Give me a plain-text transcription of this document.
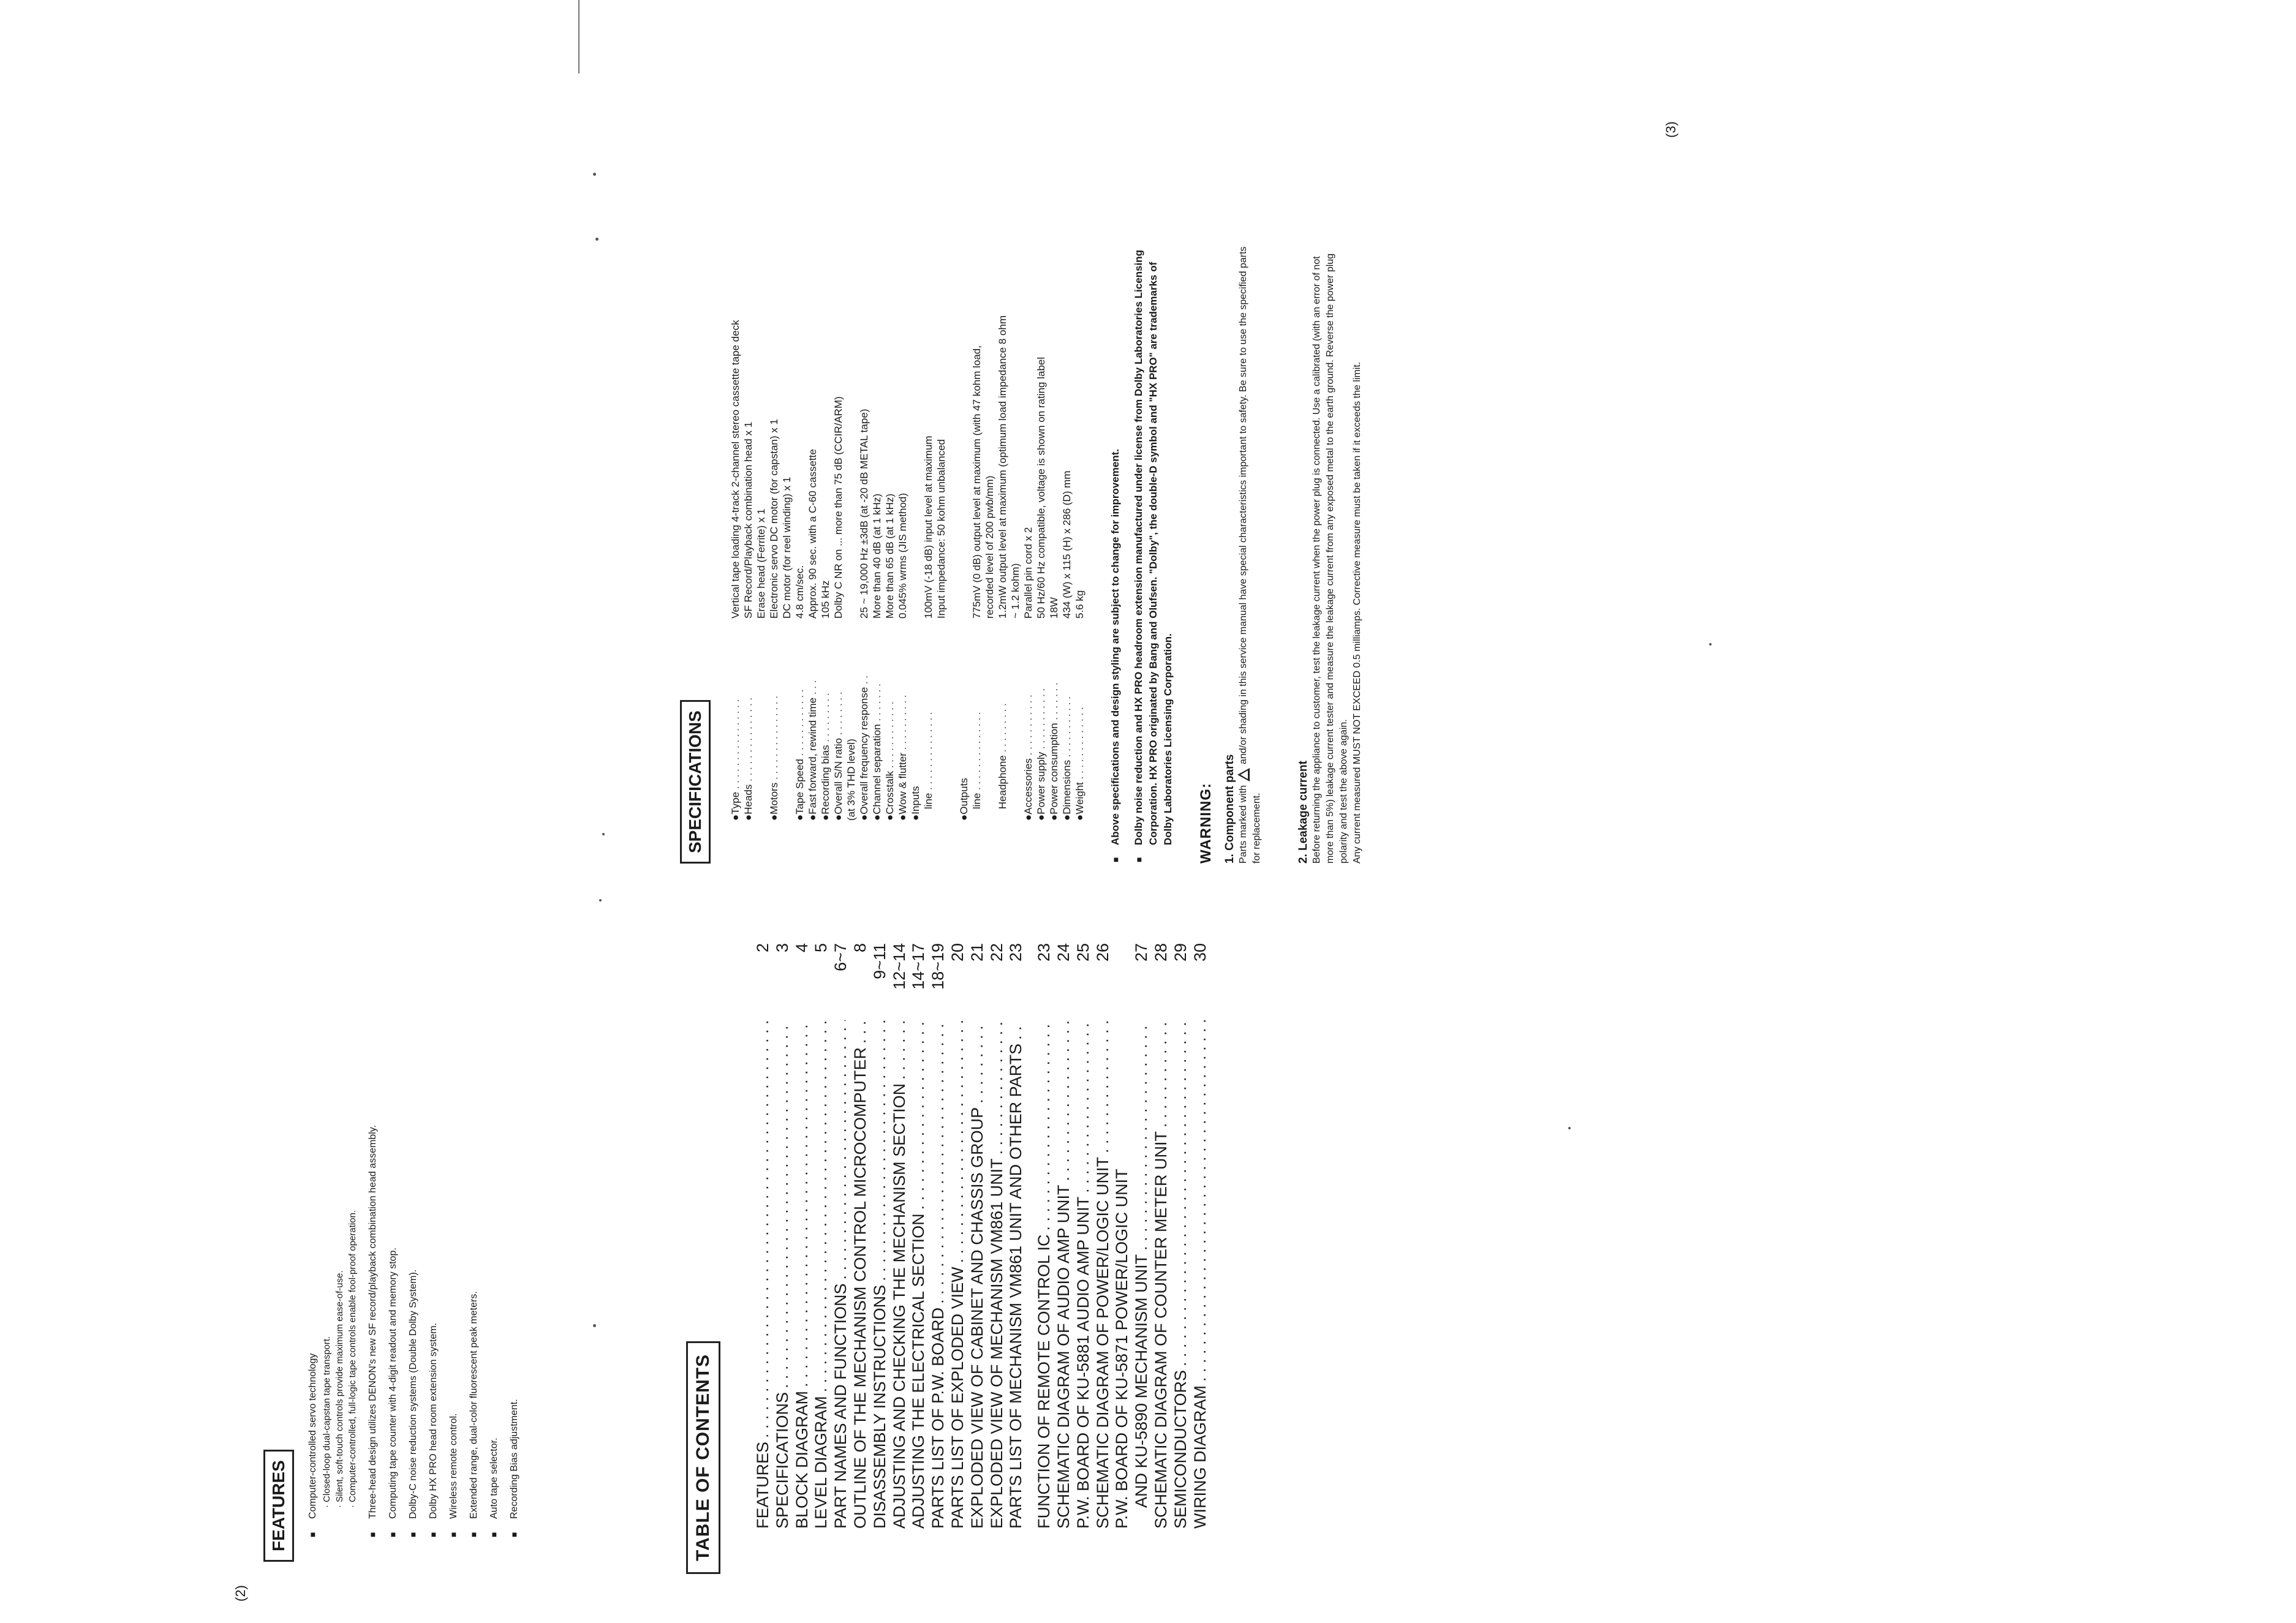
(2)
(3)
TABLE OF CONTENTS FEATURES
. . .
2
SPECIFICATIONS
. . .
3
BLOCK DIAGRAM
. . .
4
LEVEL DIAGRAM
. . .
5
PART NAMES AND FUNCTIONS
. . .
6~7
OUTLINE OF THE MECHANISM CONTROL MICROCOMPUTER
. . .
8
DISASSEMBLY INSTRUCTIONS
. . .
9~11
ADJUSTING AND CHECKING THE MECHANISM SECTION
. . .
12~14
ADJUSTING THE ELECTRICAL SECTION
. . .
14~17
PARTS LIST OF P.W. BOARD
. . .
18~19
PARTS LIST OF EXPLODED VIEW
. . .
20
EXPLODED VIEW OF CABINET AND CHASSIS GROUP
. . .
21
EXPLODED VIEW OF MECHANISM VM861 UNIT
. . .
22
PARTS LIST OF MECHANISM VM861 UNIT AND OTHER PARTS
. . .
23
FUNCTION OF REMOTE CONTROL IC
. . .
23
SCHEMATIC DIAGRAM OF AUDIO AMP UNIT
. . .
24
P.W. BOARD OF KU-5881 AUDIO AMP UNIT
. . .
25
SCHEMATIC DIAGRAM OF POWER/LOGIC UNIT
. . .
26
P.W. BOARD OF KU-5871 POWER/LOGIC UNIT AND KU-5890 MECHANISM UNIT
. . .
27
SCHEMATIC DIAGRAM OF COUNTER METER UNIT
. . .
28
SEMICONDUCTORS
. . .
29
WIRING DIAGRAM
. . .
30
FEATURES ■ Computer-controlled servo technology · Closed-loop dual-capstan tape transport. · Silent, soft-touch controls provide maximum ease-of-use. · Computer-controlled, full-logic tape controls enable fool-proof operation. ■ Three-head design utilizes DENON's new SF record/playback combination head assembly. ■ Computing tape counter with 4-digit readout and memory stop. ■ Dolby-C noise reduction systems (Double Dolby System). ■ Dolby HX PRO head room extension system. ■ Wireless remote control. ■ Extended range, dual-color fluorescent peak meters. ■ Auto tape selector. ■ Recording Bias adjustment.
SPECIFICATIONS ●Type . . . . . . . . . . . . . . . .	Vertical tape loading 4-track 2-channel stereo cassette tape deck
●Heads . . . . . . . . . . . . . . .	SF Record/Playback combination head x 1
	Erase head (Ferrite) x 1
●Motors . . . . . . . . . . . . . . .	Electronic servo DC motor (for capstan) x 1
	DC motor (for reel winding) x 1
●Tape Speed . . . . . . . . . . . .	4.8 cm/sec.
●Fast forward, rewind time . . .	Approx. 90 sec. with a C-60 cassette
●Recording bias . . . . . . . . .	105 kHz
●Overall S/N ratio . . . . . . . .	Dolby C NR on ... more than 75 dB (CCIR/ARM)
(at 3% THD level)	
●Overall frequency response . .	25 ~ 19,000 Hz ±3dB (at -20 dB METAL tape)
●Channel separation . . . . . . .	More than 40 dB (at 1 kHz)
●Crosstalk . . . . . . . . . . . .	More than 65 dB (at 1 kHz)
●Wow & flutter . . . . . . . . . .	0.045% wrms (JIS method)
●Inputs	
line . . . . . . . . . . . . . .	100mV (-18 dB) input level at maximum
	Input impedance: 50 kohm unbalanced
●Outputs	
line . . . . . . . . . . . . . .	775mV (0 dB) output level at maximum (with 47 kohm load,
	recorded level of 200 pwb/mm)
Headphone . . . . . . . . .	1.2mW output level at maximum (optimum load impedance 8 ohm
	~ 1.2 kohm)
●Accessories . . . . . . . . . . .	Parallel pin cord x 2
●Power supply . . . . . . . . . . .	50 Hz/60 Hz compatible, voltage is shown on rating label
●Power consumption . . . . . . .	18W
●Dimensions . . . . . . . . . . .	434 (W) x 115 (H) x 286 (D) mm
●Weight . . . . . . . . . . . . .	5.6 kg ■ Above specifications and design styling are subject to change for improvement. ■ Dolby noise reduction and HX PRO headroom extension manufactured under license from Dolby Laboratories Licensing Corporation. HX PRO originated by Bang and Olufsen. "Dolby", the double-D symbol and "HX PRO" are trademarks of Dolby Laboratories Licensing Corporation. WARNING: 1. Component parts Parts marked withand/or shading in this service manual have special characteristics important to safety. Be sure to use the specified parts for replacement.	2. Leakage current Before returning the appliance to customer, test the leakage current when the power plug is connected. Use a calibrated (with an error of not more than 5%) leakage current tester and measure the leakage current from any exposed metal to the earth ground. Reverse the power plug polarity and test the above again. Any current measured MUST NOT EXCEED 0.5 milliamps. Corrective measure must be taken if it exceeds the limit.
